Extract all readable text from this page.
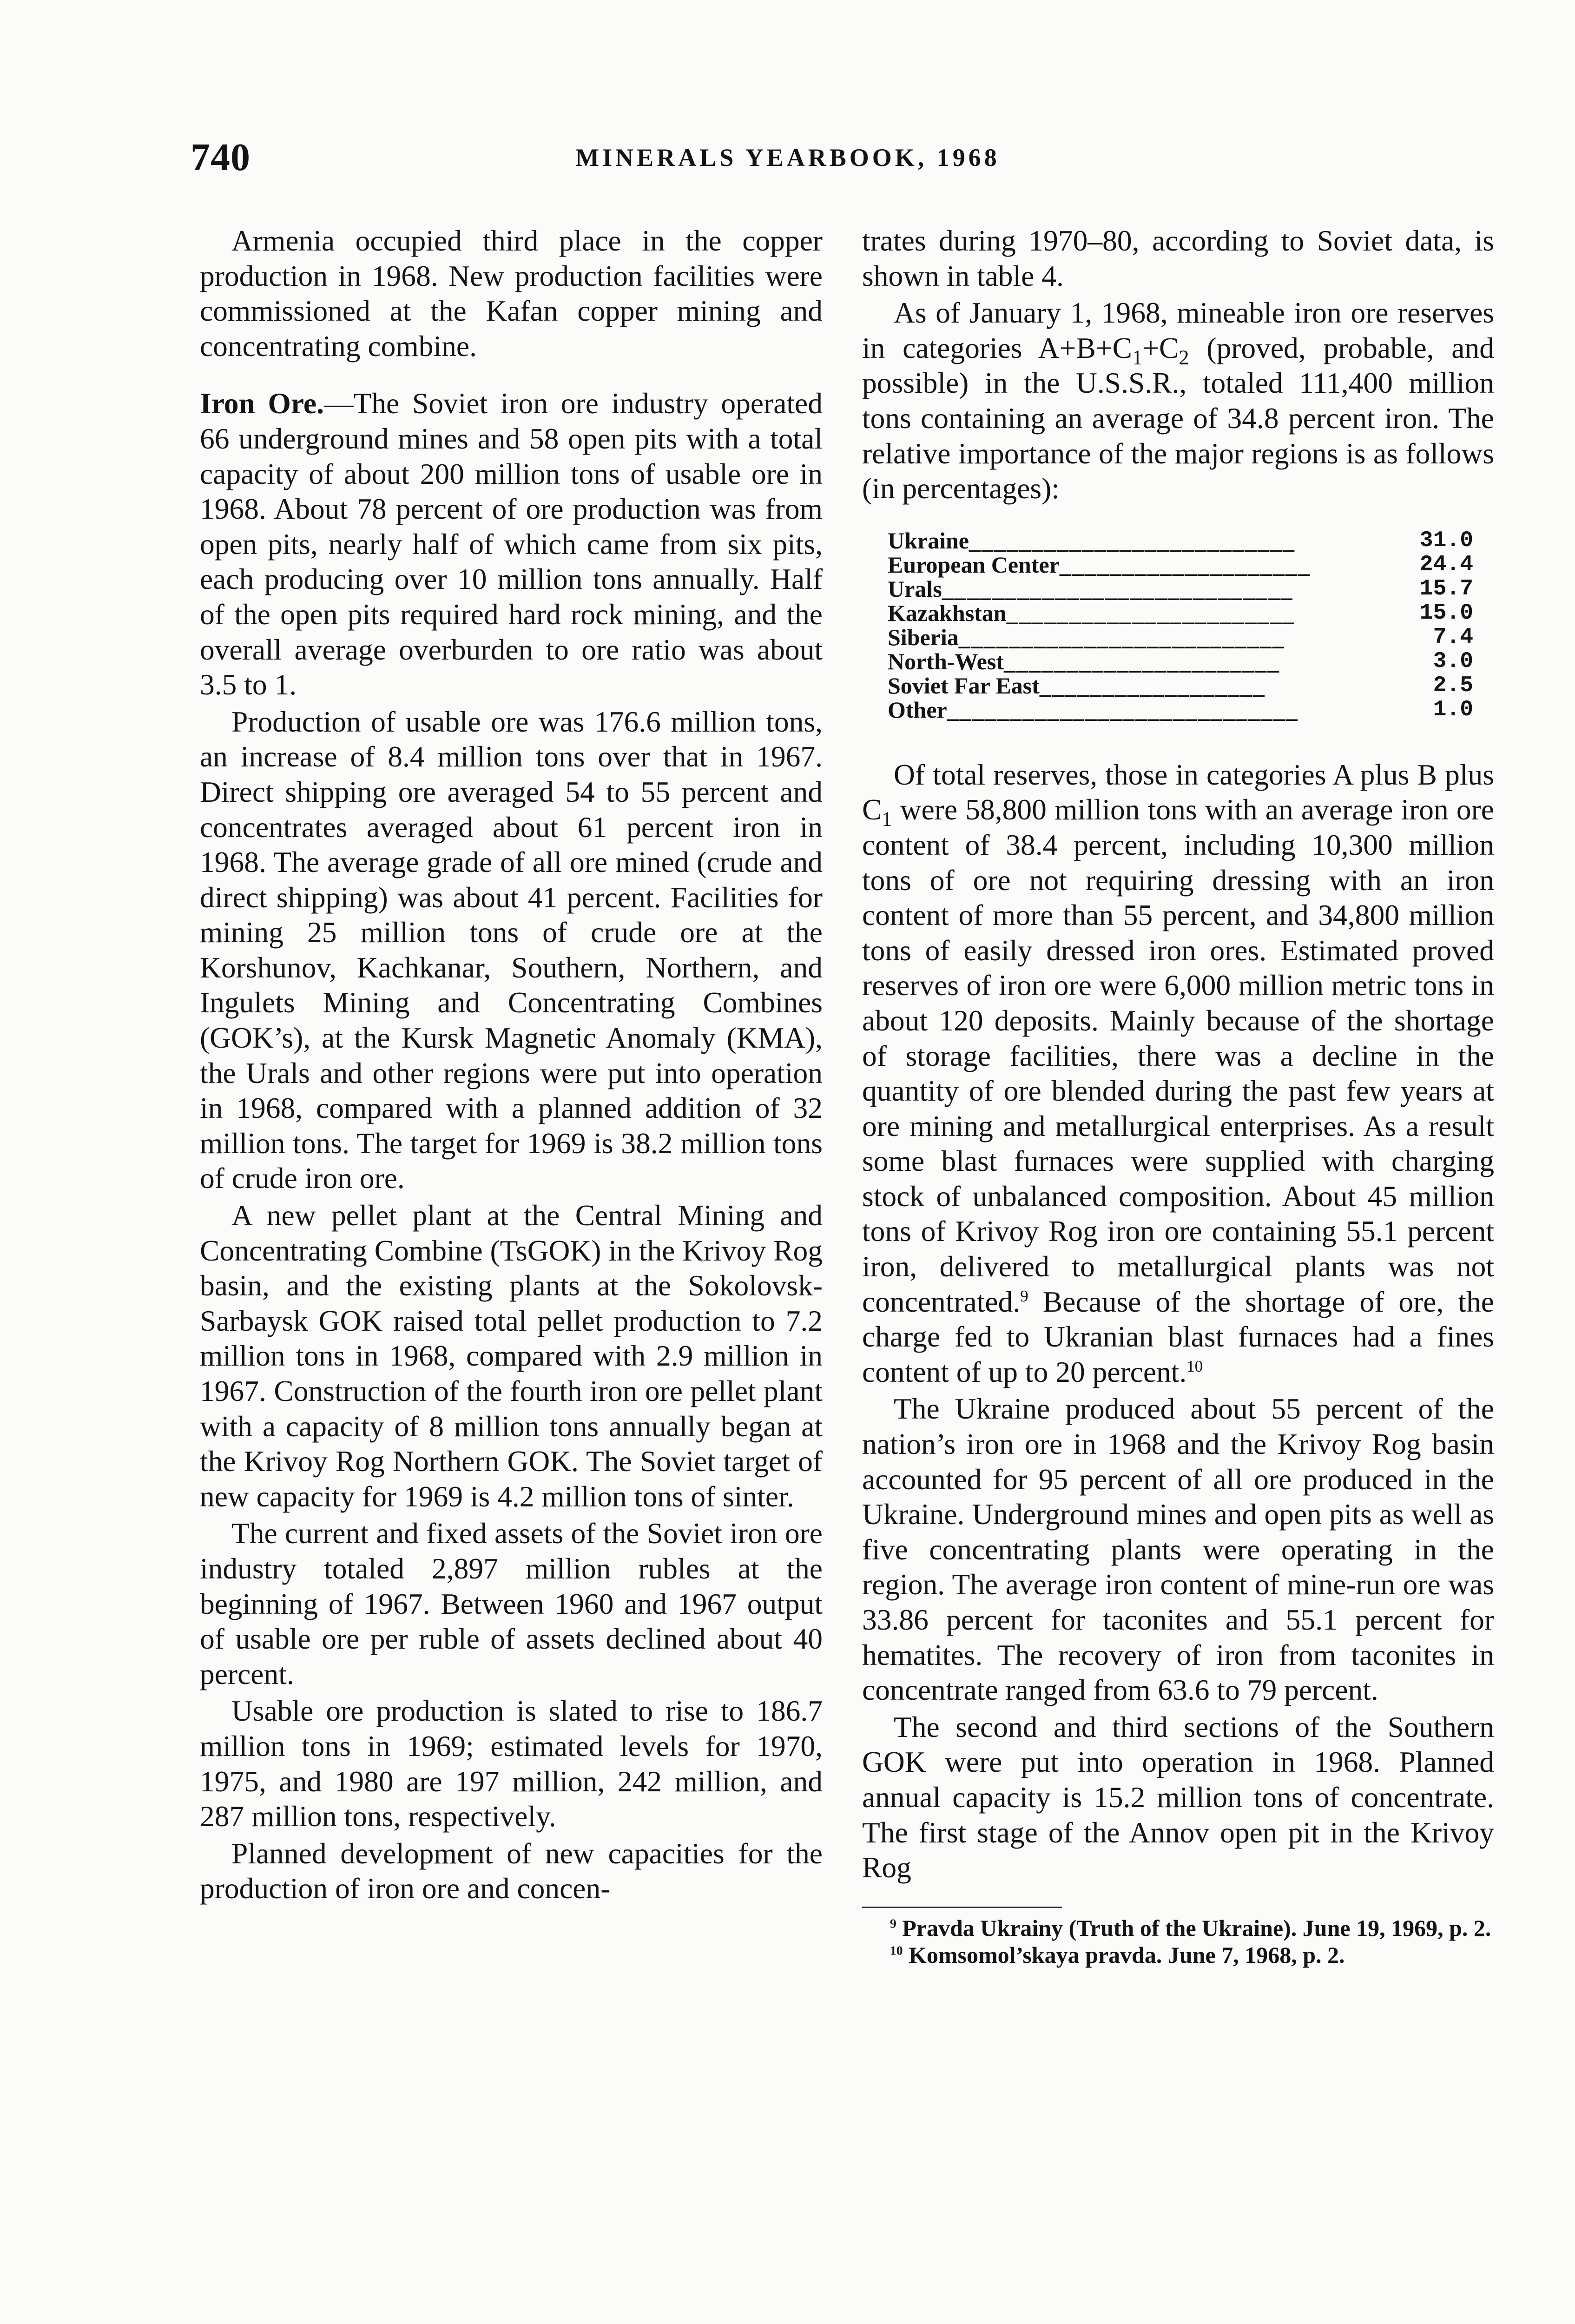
740	MINERALS YEARBOOK, 1968

Armenia occupied third place in the copper production in 1968. New production facilities were commissioned at the Kafan copper mining and concentrating combine.

Iron Ore.—The Soviet iron ore industry operated 66 underground mines and 58 open pits with a total capacity of about 200 million tons of usable ore in 1968. About 78 percent of ore production was from open pits, nearly half of which came from six pits, each producing over 10 million tons annually. Half of the open pits required hard rock mining, and the overall average overburden to ore ratio was about 3.5 to 1.

Production of usable ore was 176.6 million tons, an increase of 8.4 million tons over that in 1967. Direct shipping ore averaged 54 to 55 percent and concentrates averaged about 61 percent iron in 1968. The average grade of all ore mined (crude and direct shipping) was about 41 percent. Facilities for mining 25 million tons of crude ore at the Korshunov, Kachkanar, Southern, Northern, and Ingulets Mining and Concentrating Combines (GOK’s), at the Kursk Magnetic Anomaly (KMA), the Urals and other regions were put into operation in 1968, compared with a planned addition of 32 million tons. The target for 1969 is 38.2 million tons of crude iron ore.

A new pellet plant at the Central Mining and Concentrating Combine (TsGOK) in the Krivoy Rog basin, and the existing plants at the Sokolovsk-Sarbaysk GOK raised total pellet production to 7.2 million tons in 1968, compared with 2.9 million in 1967. Construction of the fourth iron ore pellet plant with a capacity of 8 million tons annually began at the Krivoy Rog Northern GOK. The Soviet target of new capacity for 1969 is 4.2 million tons of sinter.

The current and fixed assets of the Soviet iron ore industry totaled 2,897 million rubles at the beginning of 1967. Between 1960 and 1967 output of usable ore per ruble of assets declined about 40 percent.

Usable ore production is slated to rise to 186.7 million tons in 1969; estimated levels for 1970, 1975, and 1980 are 197 million, 242 million, and 287 million tons, respectively.

Planned development of new capacities for the production of iron ore and concen-

trates during 1970–80, according to Soviet data, is shown in table 4.

As of January 1, 1968, mineable iron ore reserves in categories $A+B+C_1+C_2$ (proved, probable, and possible) in the U.S.S.R., totaled 111,400 million tons containing an average of 34.8 percent iron. The relative importance of the major regions is as follows (in percentages):

Ukraine__________________________	31.0
European Center____________________	24.4
Urals____________________________	15.7
Kazakhstan_______________________	15.0
Siberia__________________________	7.4
North-West______________________	3.0
Soviet Far East__________________	2.5
Other____________________________	1.0

Of total reserves, those in categories A plus B plus $C_1$ were 58,800 million tons with an average iron ore content of 38.4 percent, including 10,300 million tons of ore not requiring dressing with an iron content of more than 55 percent, and 34,800 million tons of easily dressed iron ores. Estimated proved reserves of iron ore were 6,000 million metric tons in about 120 deposits. Mainly because of the shortage of storage facilities, there was a decline in the quantity of ore blended during the past few years at ore mining and metallurgical enterprises. As a result some blast furnaces were supplied with charging stock of unbalanced composition. About 45 million tons of Krivoy Rog iron ore containing 55.1 percent iron, delivered to metallurgical plants was not concentrated.$^9$ Because of the shortage of ore, the charge fed to Ukranian blast furnaces had a fines content of up to 20 percent.$^{10}$

The Ukraine produced about 55 percent of the nation’s iron ore in 1968 and the Krivoy Rog basin accounted for 95 percent of all ore produced in the Ukraine. Underground mines and open pits as well as five concentrating plants were operating in the region. The average iron content of mine-run ore was 33.86 percent for taconites and 55.1 percent for hematites. The recovery of iron from taconites in concentrate ranged from 63.6 to 79 percent.

The second and third sections of the Southern GOK were put into operation in 1968. Planned annual capacity is 15.2 million tons of concentrate. The first stage of the Annov open pit in the Krivoy Rog

$^9$ Pravda Ukrainy (Truth of the Ukraine). June 19, 1969, p. 2.

$^{10}$ Komsomol’skaya pravda. June 7, 1968, p. 2.
